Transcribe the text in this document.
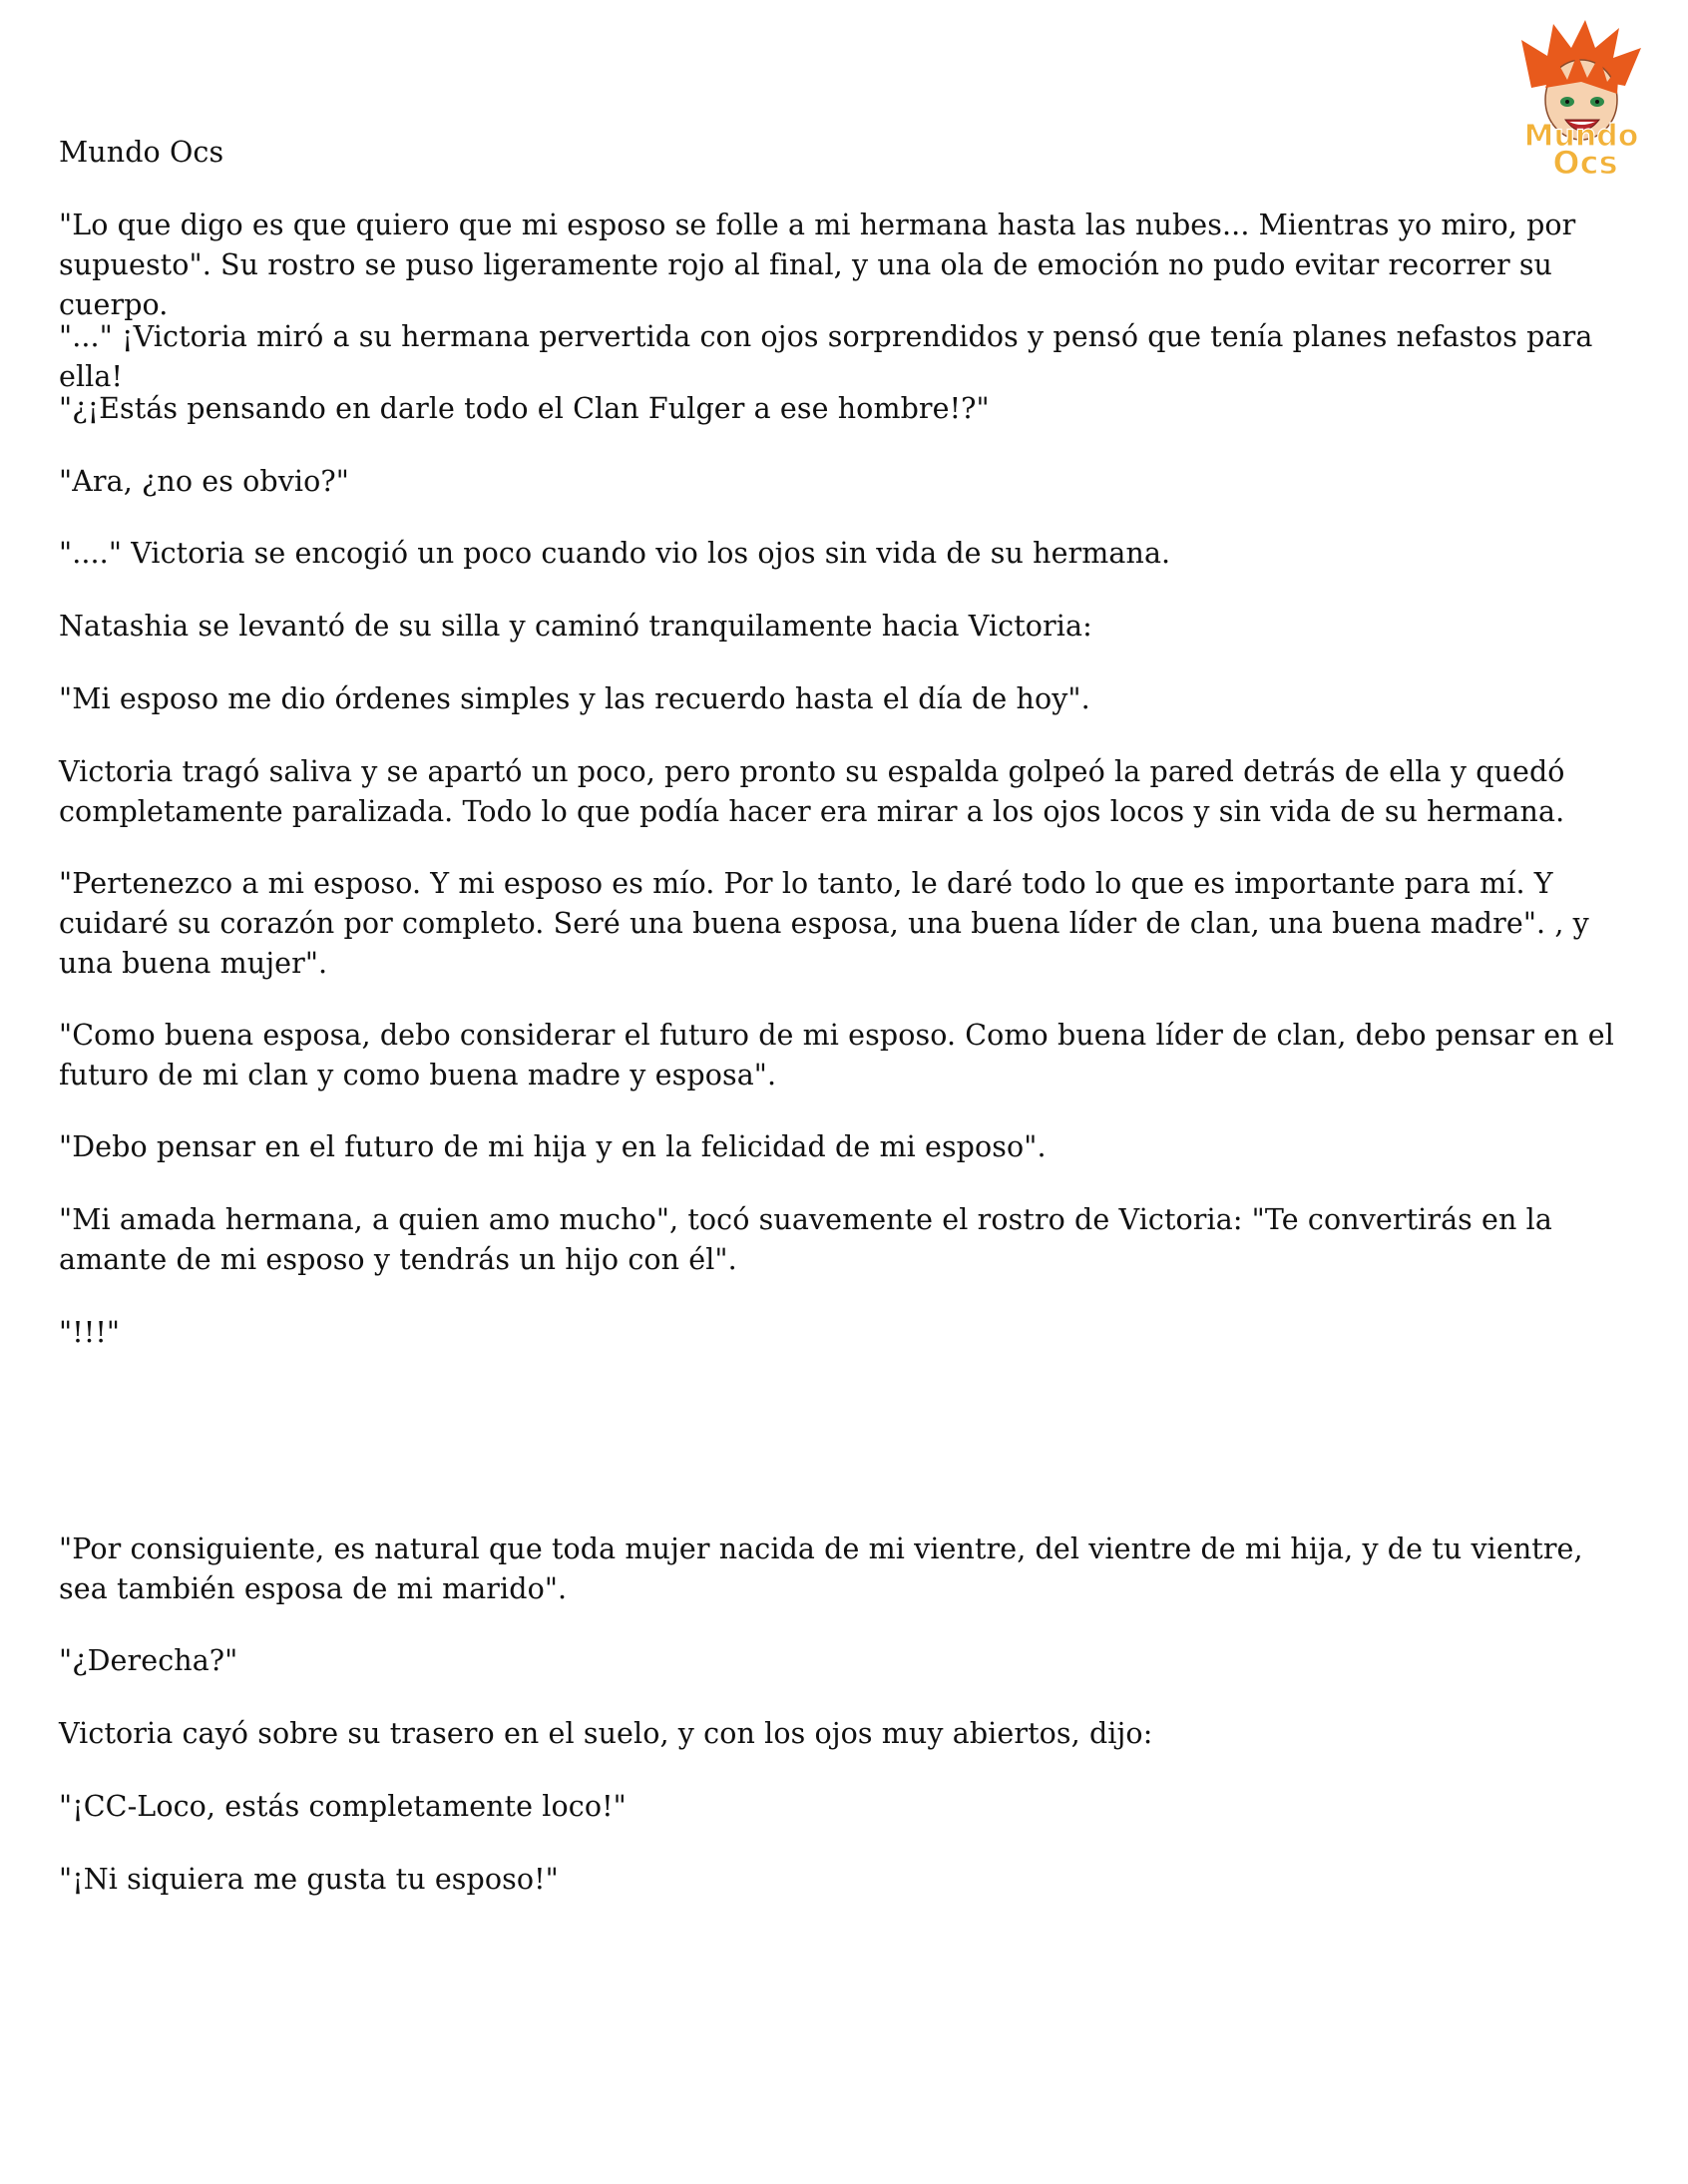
Mundo
Ocs

Mundo Ocs

"Lo que digo es que quiero que mi esposo se folle a mi hermana hasta las nubes... Mientras yo miro, por supuesto". Su rostro se puso ligeramente rojo al final, y una ola de emoción no pudo evitar recorrer su cuerpo.

"..." ¡Victoria miró a su hermana pervertida con ojos sorprendidos y pensó que tenía planes nefastos para ella!

"¿¡Estás pensando en darle todo el Clan Fulger a ese hombre!?"

"Ara, ¿no es obvio?"

"...." Victoria se encogió un poco cuando vio los ojos sin vida de su hermana.

Natashia se levantó de su silla y caminó tranquilamente hacia Victoria:

"Mi esposo me dio órdenes simples y las recuerdo hasta el día de hoy".

Victoria tragó saliva y se apartó un poco, pero pronto su espalda golpeó la pared detrás de ella y quedó completamente paralizada. Todo lo que podía hacer era mirar a los ojos locos y sin vida de su hermana.

"Pertenezco a mi esposo. Y mi esposo es mío. Por lo tanto, le daré todo lo que es importante para mí. Y cuidaré su corazón por completo. Seré una buena esposa, una buena líder de clan, una buena madre". , y una buena mujer".

"Como buena esposa, debo considerar el futuro de mi esposo. Como buena líder de clan, debo pensar en el futuro de mi clan y como buena madre y esposa".

"Debo pensar en el futuro de mi hija y en la felicidad de mi esposo".

"Mi amada hermana, a quien amo mucho", tocó suavemente el rostro de Victoria: "Te convertirás en la amante de mi esposo y tendrás un hijo con él".

"!!!"

"Por consiguiente, es natural que toda mujer nacida de mi vientre, del vientre de mi hija, y de tu vientre, sea también esposa de mi marido".

"¿Derecha?"

Victoria cayó sobre su trasero en el suelo, y con los ojos muy abiertos, dijo:

"¡CC-Loco, estás completamente loco!"

"¡Ni siquiera me gusta tu esposo!"
